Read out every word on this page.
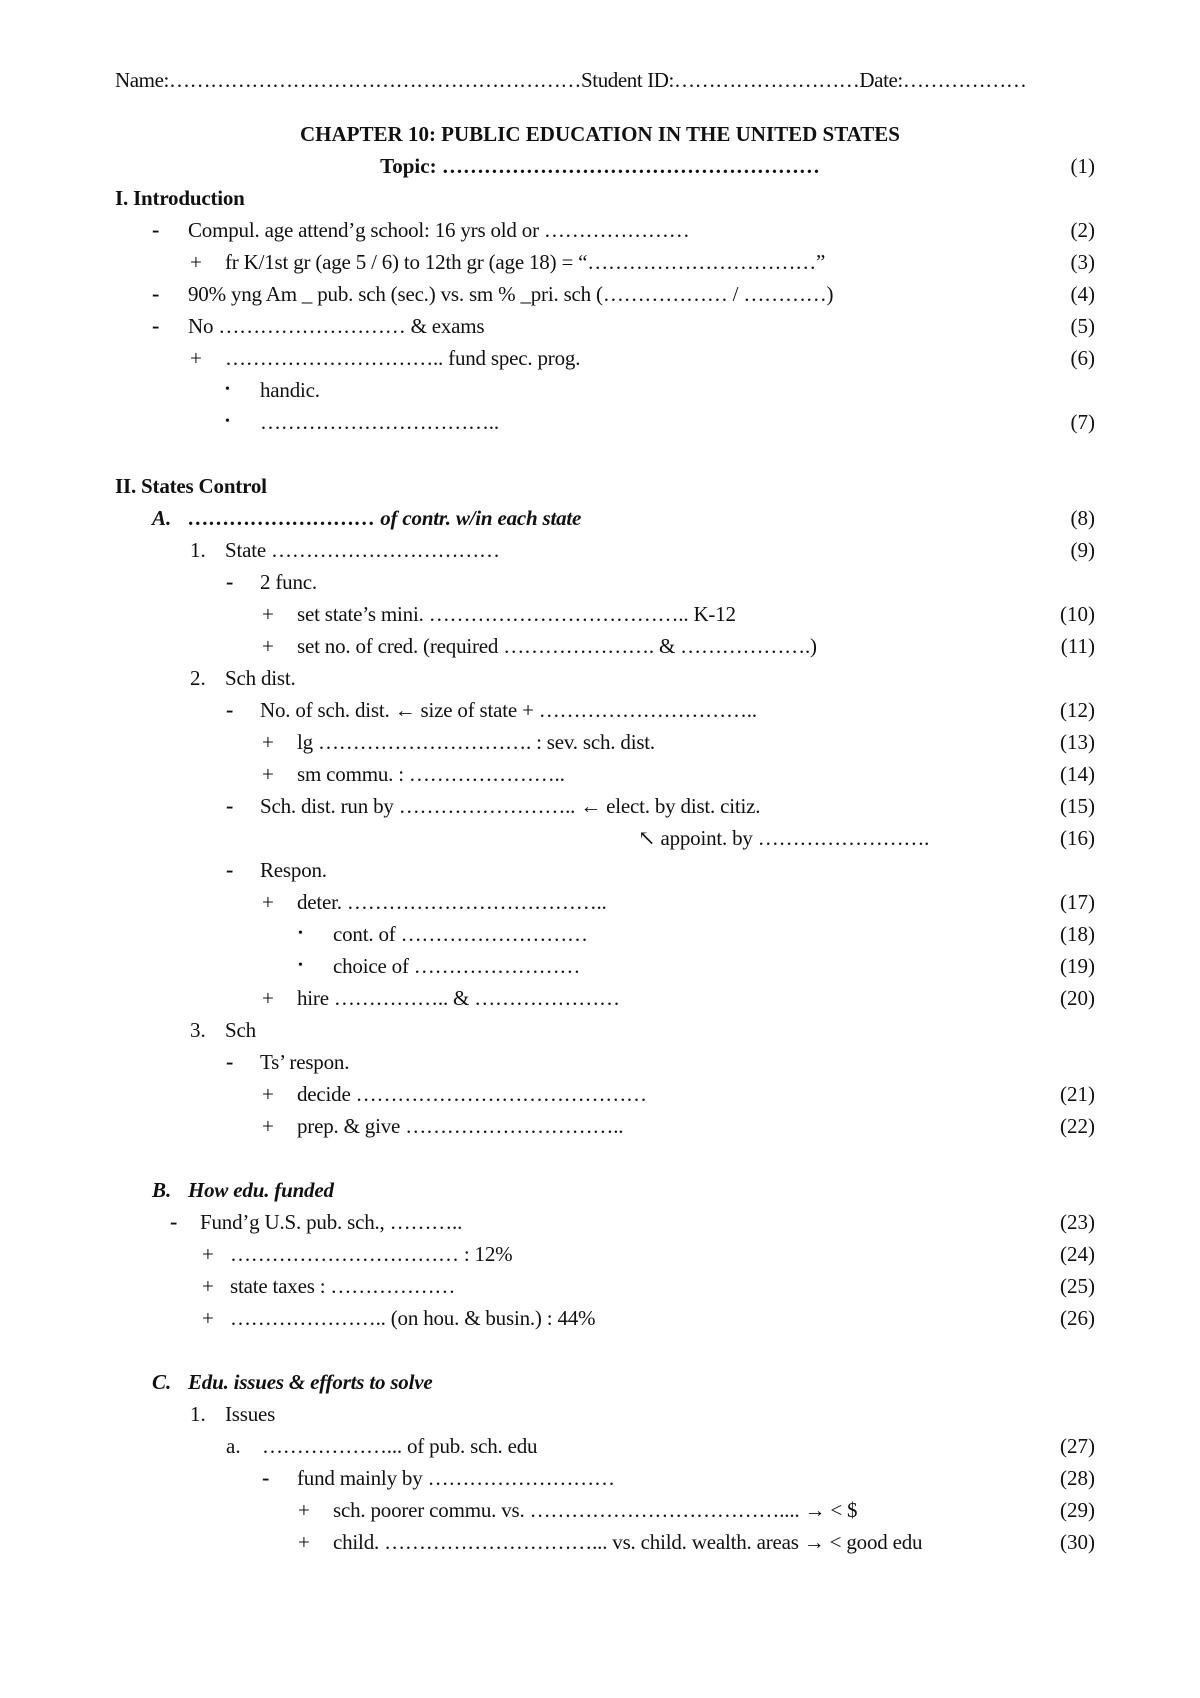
Name:……………………………………………………Student ID:………………………Date:………………
CHAPTER 10: PUBLIC EDUCATION IN THE UNITED STATES
Topic: ………………………………………………	(1)
I. Introduction
- Compul. age attend’g school: 16 yrs old or …………………	(2)
+ fr K/1st gr (age 5 / 6) to 12th gr (age 18) = “……………………………”	(3)
- 90% yng Am _ pub. sch (sec.) vs. sm % _pri. sch (……………… / …………)	(4)
- No ……………………… & exams	(5)
+ ………………………….. fund spec. prog.	(6)
• handic.
• ……………………………..	(7)
II. States Control
A. ……………………… of contr. w/in each state	(8)
1. State ……………………………	(9)
- 2 func.
+ set state’s mini. ……………………………….. K-12	(10)
+ set no. of cred. (required …………………. & ……………….)	(11)
2. Sch dist.
- No. of sch. dist. ← size of state + …………………………..	(12)
+ lg …………………………. : sev. sch. dist.	(13)
+ sm commu. : …………………..	(14)
- Sch. dist. run by …………………….. ← elect. by dist. citiz.	(15)
↖ appoint. by …………………….	(16)
- Respon.
+ deter. ………………………………..	(17)
• cont. of ………………………	(18)
• choice of ……………………	(19)
+ hire …………….. & …………………	(20)
3. Sch
- Ts’ respon.
+ decide ……………………………………	(21)
+ prep. & give …………………………..	(22)
B. How edu. funded
- Fund’g U.S. pub. sch., ………..	(23)
+ …………………………… : 12%	(24)
+ state taxes : ………………	(25)
+ ………………….. (on hou. & busin.) : 44%	(26)
C. Edu. issues & efforts to solve
1. Issues
a. ………………... of pub. sch. edu	(27)
- fund mainly by ………………………	(28)
+ sch. poorer commu. vs. ……………………………….... → < $	(29)
+ child. …………………………... vs. child. wealth. areas → < good edu	(30)
